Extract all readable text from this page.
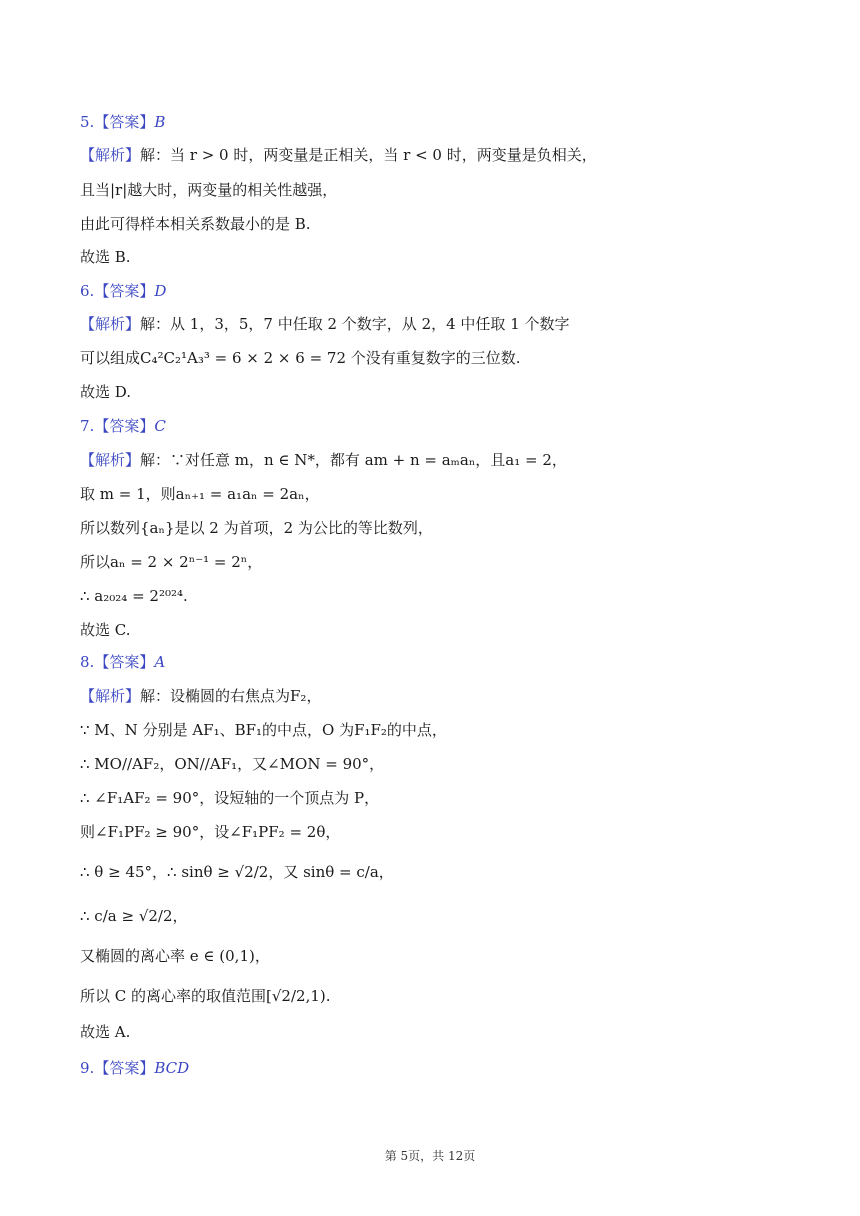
5.【答案】B
【解析】解：当 r > 0 时，两变量是正相关，当 r < 0 时，两变量是负相关，
且当|r|越大时，两变量的相关性越强，
由此可得样本相关系数最小的是 B.
故选 B.
6.【答案】D
【解析】解：从 1，3，5，7 中任取 2 个数字，从 2，4 中任取 1 个数字
可以组成C₄²C₂¹A₃³ = 6 × 2 × 6 = 72 个没有重复数字的三位数.
故选 D.
7.【答案】C
【解析】解：∵对任意 m，n ∈ N*，都有 am + n = aₘaₙ，且a₁ = 2，
取 m = 1，则aₙ₊₁ = a₁aₙ = 2aₙ，
所以数列{aₙ}是以 2 为首项，2 为公比的等比数列，
所以aₙ = 2 × 2ⁿ⁻¹ = 2ⁿ，
∴ a₂₀₂₄ = 2²⁰²⁴.
故选 C.
8.【答案】A
【解析】解：设椭圆的右焦点为F₂，
∵ M、N 分别是 AF₁、BF₁的中点，O 为F₁F₂的中点，
∴ MO//AF₂，ON//AF₁，又∠MON = 90°，
∴ ∠F₁AF₂ = 90°，设短轴的一个顶点为 P，
则∠F₁PF₂ ≥ 90°，设∠F₁PF₂ = 2θ，
∴ θ ≥ 45°，∴ sinθ ≥ √2/2，又 sinθ = c/a，
∴ c/a ≥ √2/2，
又椭圆的离心率 e ∈ (0,1)，
所以 C 的离心率的取值范围[√2/2,1).
故选 A.
9.【答案】BCD
第 5页，共 12页
